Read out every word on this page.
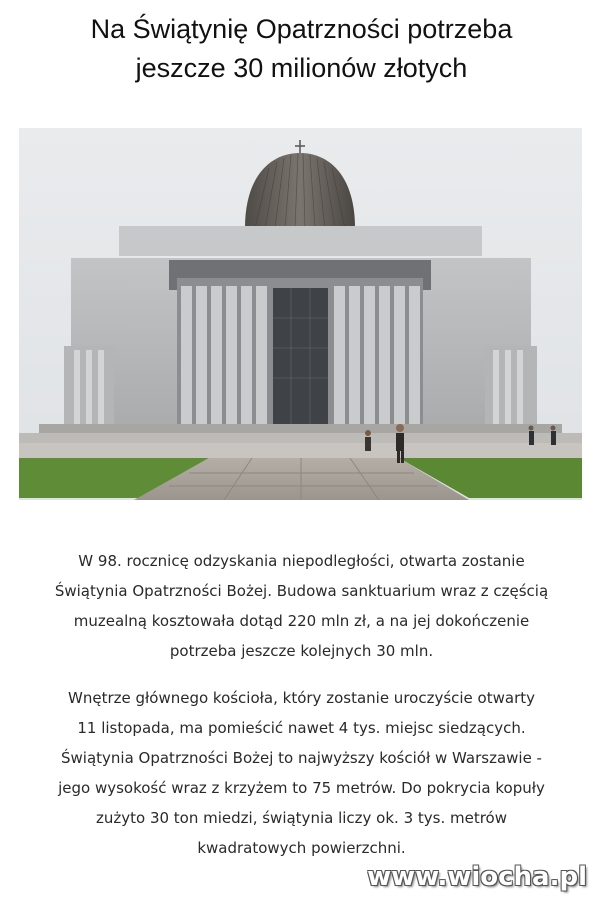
Na Świątynię Opatrzności potrzeba
jeszcze 30 milionów złotych

W 98. rocznicę odzyskania niepodległości, otwarta zostanie
Świątynia Opatrzności Bożej. Budowa sanktuarium wraz z częścią
muzealną kosztowała dotąd 220 mln zł, a na jej dokończenie
potrzeba jeszcze kolejnych 30 mln.

Wnętrze głównego kościoła, który zostanie uroczyście otwarty
11 listopada, ma pomieścić nawet 4 tys. miejsc siedzących.
Świątynia Opatrzności Bożej to najwyższy kościół w Warszawie -
jego wysokość wraz z krzyżem to 75 metrów. Do pokrycia kopuły
zużyto 30 ton miedzi, świątynia liczy ok. 3 tys. metrów
kwadratowych powierzchni.

www.wiocha.pl
